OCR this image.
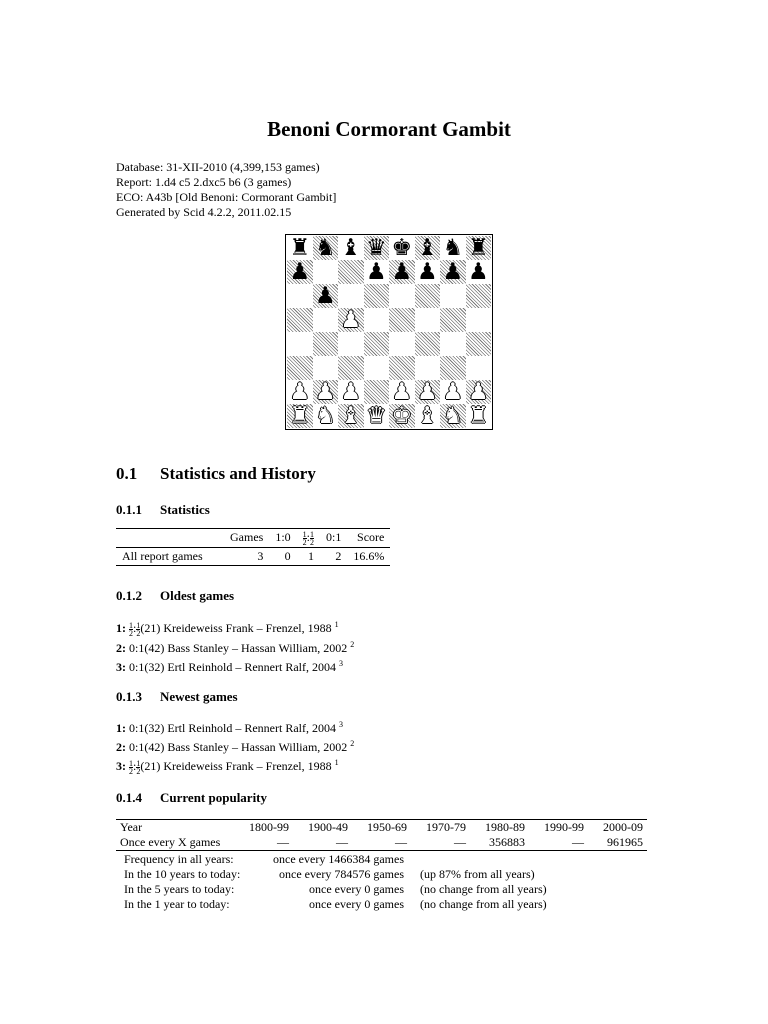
Benoni Cormorant Gambit
Database: 31-XII-2010 (4,399,153 games)
Report: 1.d4 c5 2.dxc5 b6 (3 games)
ECO: A43b [Old Benoni: Cormorant Gambit]
Generated by Scid 4.2.2, 2011.02.15
♜ ♞ ♝ ♛ ♚ ♝ ♞ ♜
♟ ♟ ♟ ♟ ♟ ♟
♟
♟
♟ ♟ ♟ ♟ ♟ ♟ ♟
♜ ♞ ♝ ♛ ♚ ♝ ♞ ♜
0.1 Statistics and History
0.1.1 Statistics
	Games	1:0	$\frac{1}{2}$ : $\frac{1}{2}$	0:1	Score
All report games	3	0	1	2	16.6%
0.1.2 Oldest games
1: $\frac{1}{2}$ : $\frac{1}{2} (21)$ Kreideweiss Frank – Frenzel, 1988 $^1$
2: 0:1(42) Bass Stanley – Hassan William, 2002 $^2$
3: 0:1(32) Ertl Reinhold – Rennert Ralf, 2004 $^3$
0.1.3 Newest games
1: 0:1(32) Ertl Reinhold – Rennert Ralf, 2004 $^3$
2: 0:1(42) Bass Stanley – Hassan William, 2002 $^2$
3: $\frac{1}{2}$ : $\frac{1}{2} (21)$ Kreideweiss Frank – Frenzel, 1988 $^1$
0.1.4 Current popularity
Year	1800-99	1900-49	1950-69	1970-79	1980-89	1990-99	2000-09
Once every X games	—	—	—	—	356883	—	961965
Frequency in all years:	once every 1466384 games
In the 10 years to today:	once every 784576 games (up 87% from all years)
In the 5 years to today:	once every 0 games (no change from all years)
In the 1 year to today:	once every 0 games (no change from all years)
